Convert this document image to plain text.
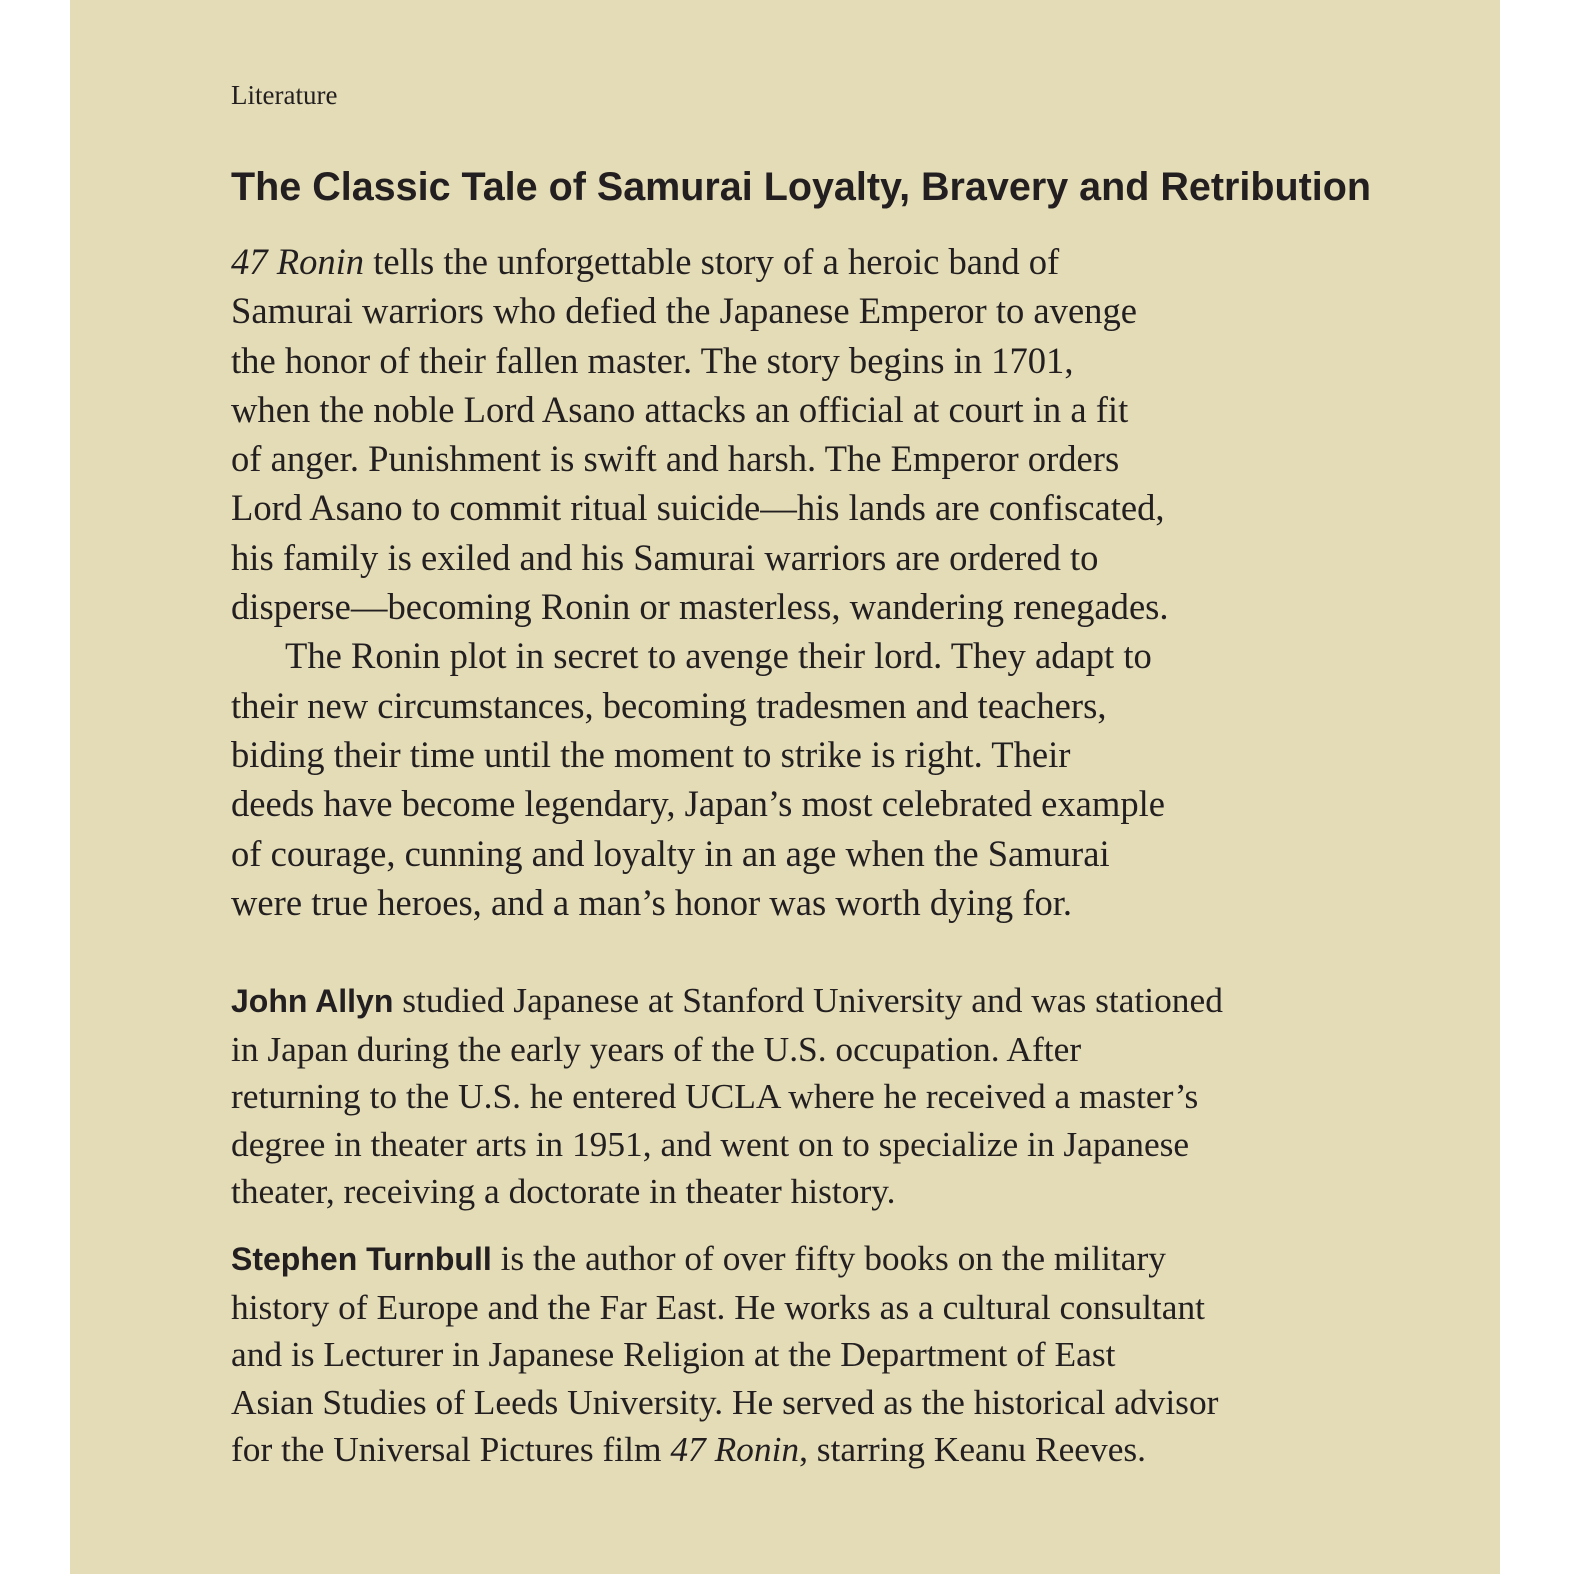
Literature

The Classic Tale of Samurai Loyalty, Bravery and Retribution
47 Ronin tells the unforgettable story of a heroic band of
Samurai warriors who defied the Japanese Emperor to avenge
the honor of their fallen master. The story begins in 1701,
when the noble Lord Asano attacks an official at court in a fit
of anger. Punishment is swift and harsh. The Emperor orders
Lord Asano to commit ritual suicide—his lands are confiscated,
his family is exiled and his Samurai warriors are ordered to
disperse—becoming Ronin or masterless, wandering renegades.
The Ronin plot in secret to avenge their lord. They adapt to
their new circumstances, becoming tradesmen and teachers,
biding their time until the moment to strike is right. Their
deeds have become legendary, Japan’s most celebrated example
of courage, cunning and loyalty in an age when the Samurai
were true heroes, and a man’s honor was worth dying for.
John Allyn studied Japanese at Stanford University and was stationed
in Japan during the early years of the U.S. occupation. After
returning to the U.S. he entered UCLA where he received a master’s
degree in theater arts in 1951, and went on to specialize in Japanese
theater, receiving a doctorate in theater history.
Stephen Turnbull is the author of over fifty books on the military
history of Europe and the Far East. He works as a cultural consultant
and is Lecturer in Japanese Religion at the Department of East
Asian Studies of Leeds University. He served as the historical advisor
for the Universal Pictures film 47 Ronin, starring Keanu Reeves.
